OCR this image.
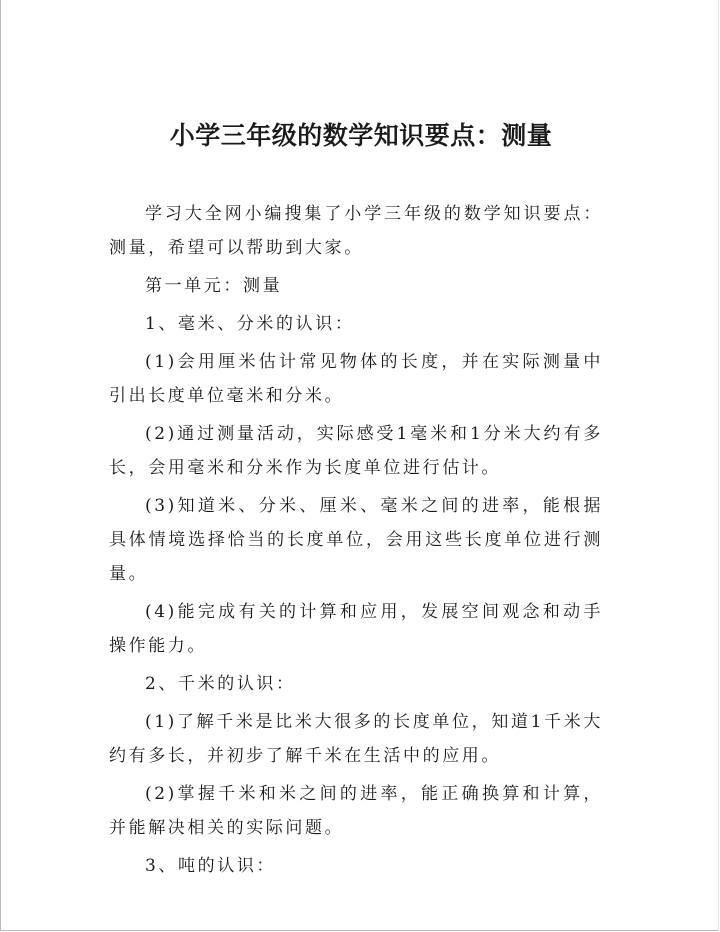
小学三年级的数学知识要点：测量

学习大全网小编搜集了小学三年级的数学知识要点：测量，希望可以帮助到大家。

第一单元：测量

1、毫米、分米的认识：

(1)会用厘米估计常见物体的长度，并在实际测量中引出长度单位毫米和分米。

(2)通过测量活动，实际感受1毫米和1分米大约有多长，会用毫米和分米作为长度单位进行估计。

(3)知道米、分米、厘米、毫米之间的进率，能根据具体情境选择恰当的长度单位，会用这些长度单位进行测量。

(4)能完成有关的计算和应用，发展空间观念和动手操作能力。

2、千米的认识：

(1)了解千米是比米大很多的长度单位，知道1千米大约有多长，并初步了解千米在生活中的应用。

(2)掌握千米和米之间的进率，能正确换算和计算，并能解决相关的实际问题。

3、吨的认识：
